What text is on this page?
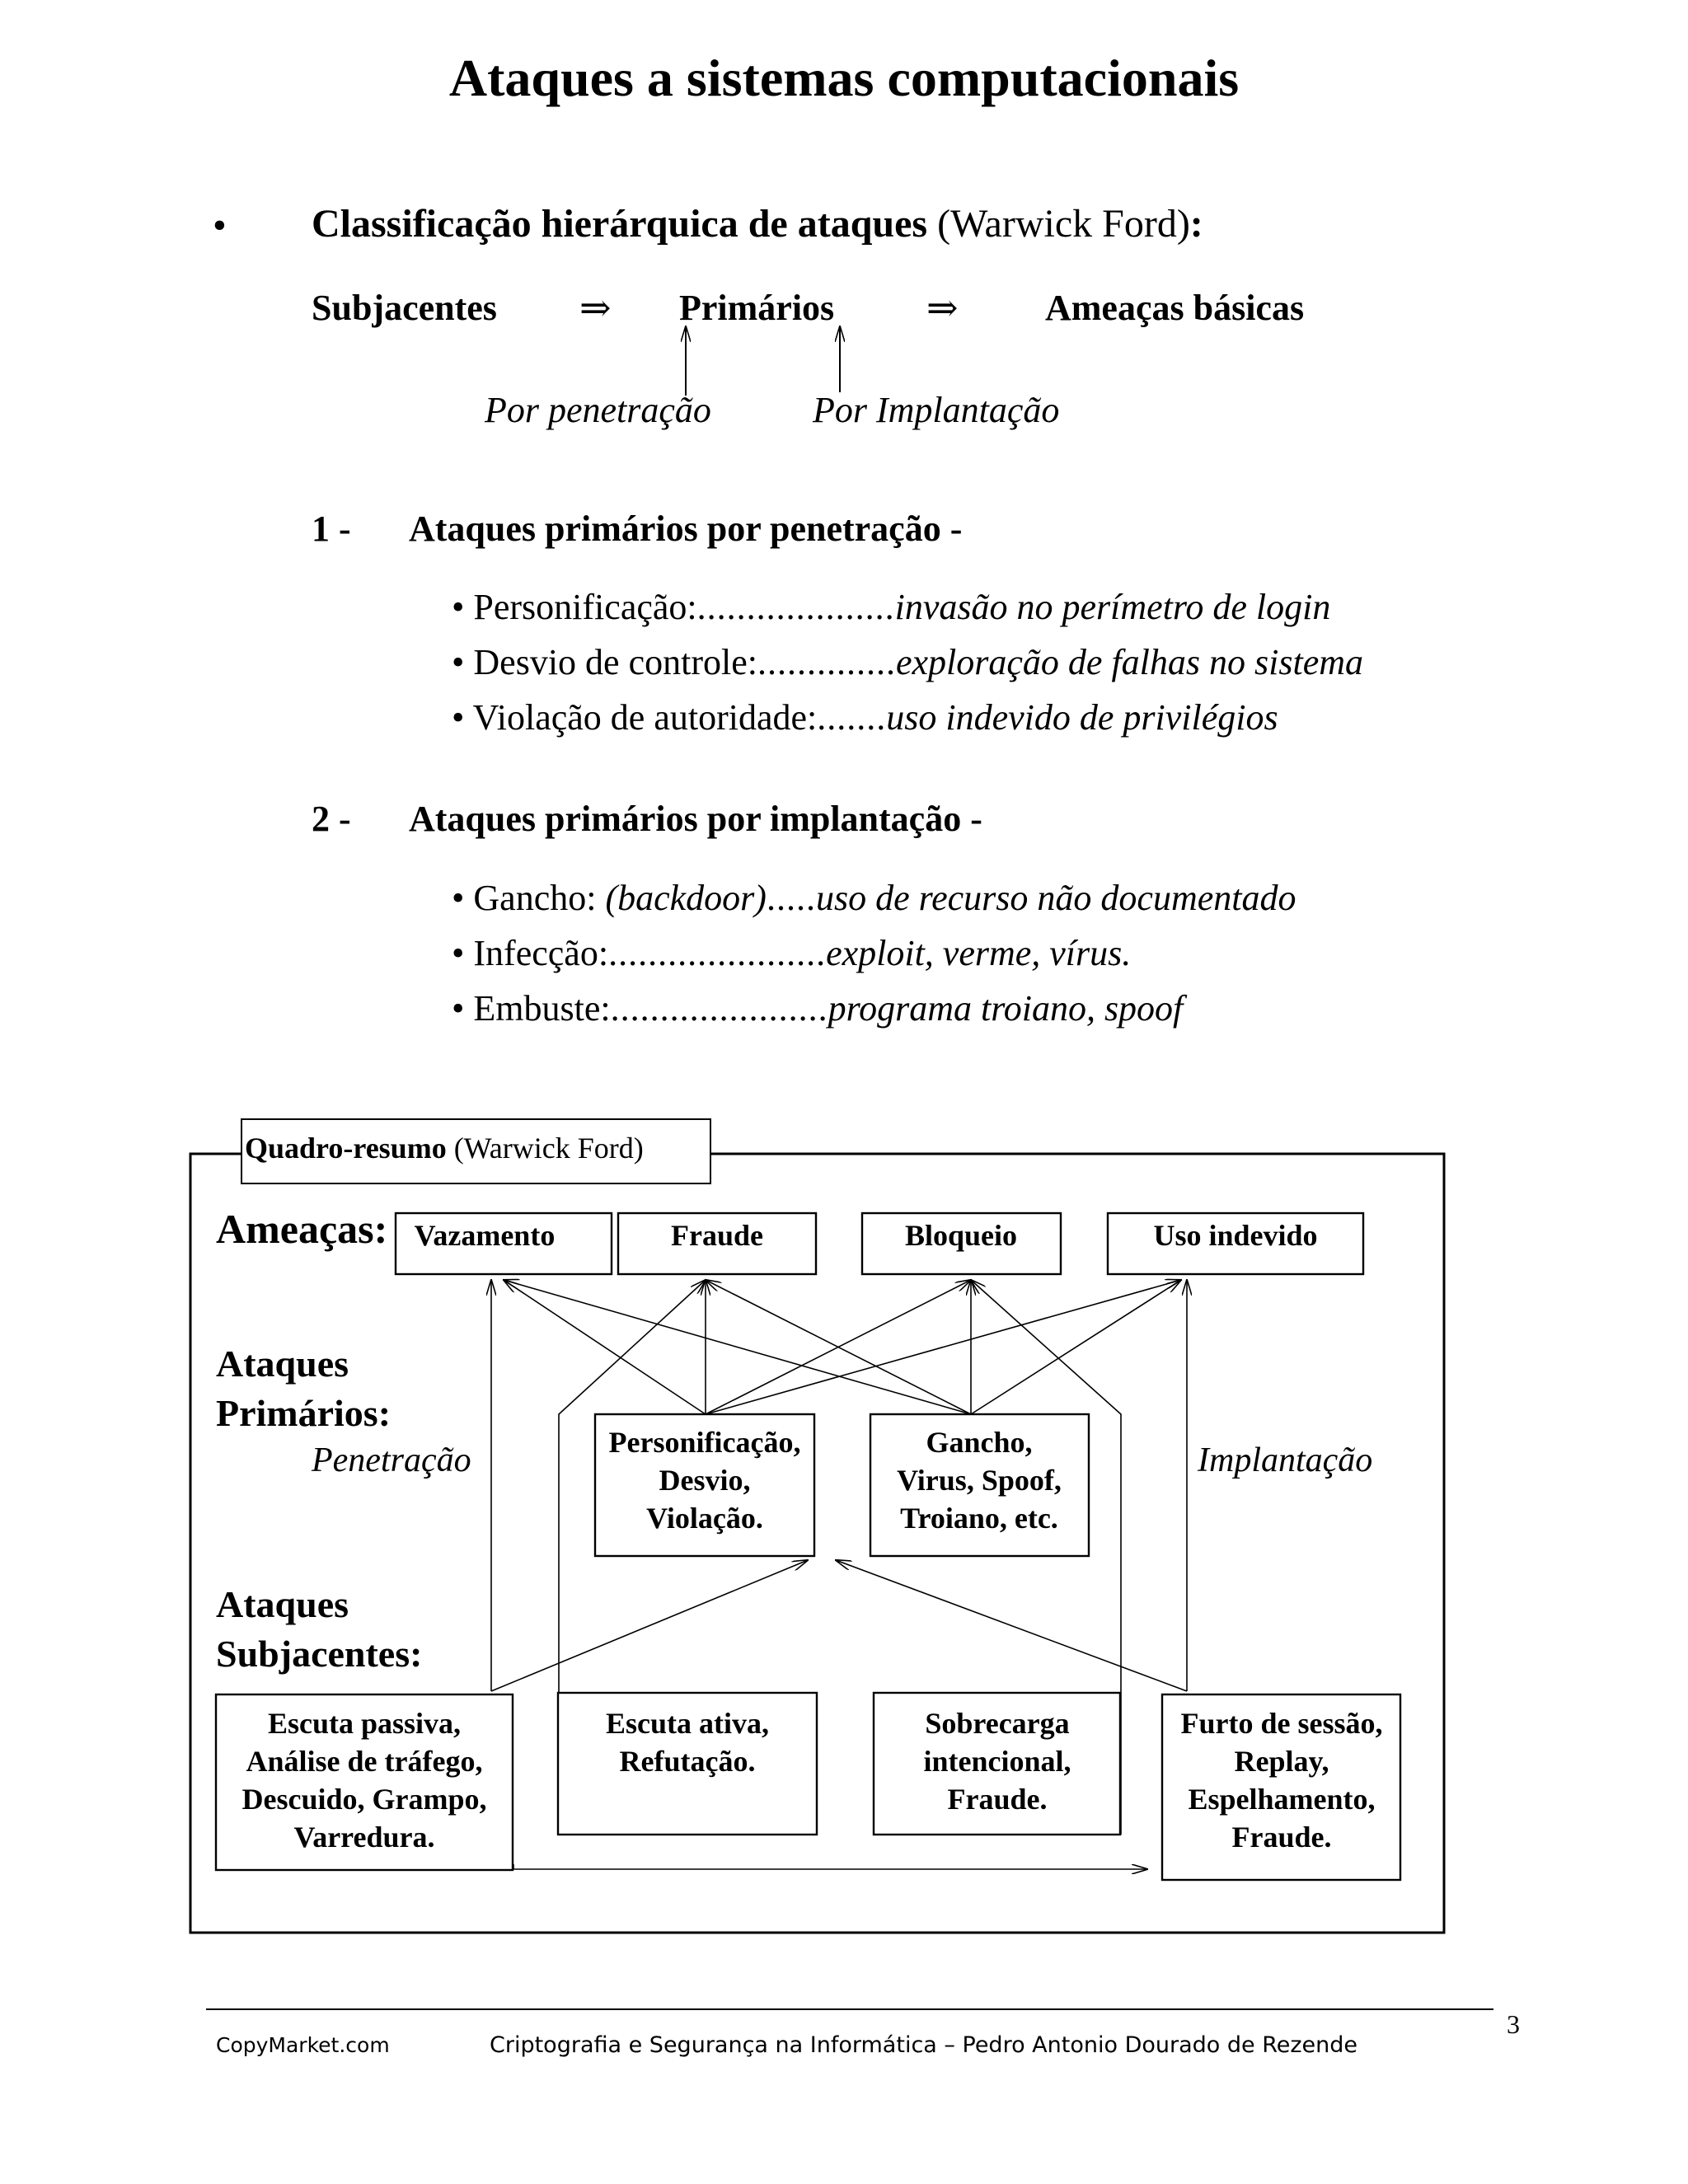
Ataques a sistemas computacionais
• Classificação hierárquica de ataques (Warwick Ford):
Subjacentes ⇒ Primários ⇒ Ameaças básicas
Por penetração	Por Implantação
1 - Ataques primários por penetração -
• Personificação:....................invasão no perímetro de login
• Desvio de controle:..............exploração de falhas no sistema
• Violação de autoridade:.......uso indevido de privilégios
2 - Ataques primários por implantação -
• Gancho: (backdoor).....uso de recurso não documentado
• Infecção:......................exploit, verme, vírus.
• Embuste:......................programa troiano, spoof
Quadro-resumo (Warwick Ford)
Ameaças:
Ataques
Primários:
Penetração	Implantação
Ataques
Subjacentes:
Vazamento	Fraude	Bloqueio	Uso indevido
Personificação,
Desvio,
Violação.
Gancho,
Virus, Spoof,
Troiano, etc.
Escuta passiva,
Análise de tráfego,
Descuido, Grampo,
Varredura.
Escuta ativa,
Refutação.
Sobrecarga
intencional,
Fraude.
Furto de sessão,
Replay,
Espelhamento,
Fraude.
CopyMarket.com	Criptografia e Segurança na Informática – Pedro Antonio Dourado de Rezende
3
